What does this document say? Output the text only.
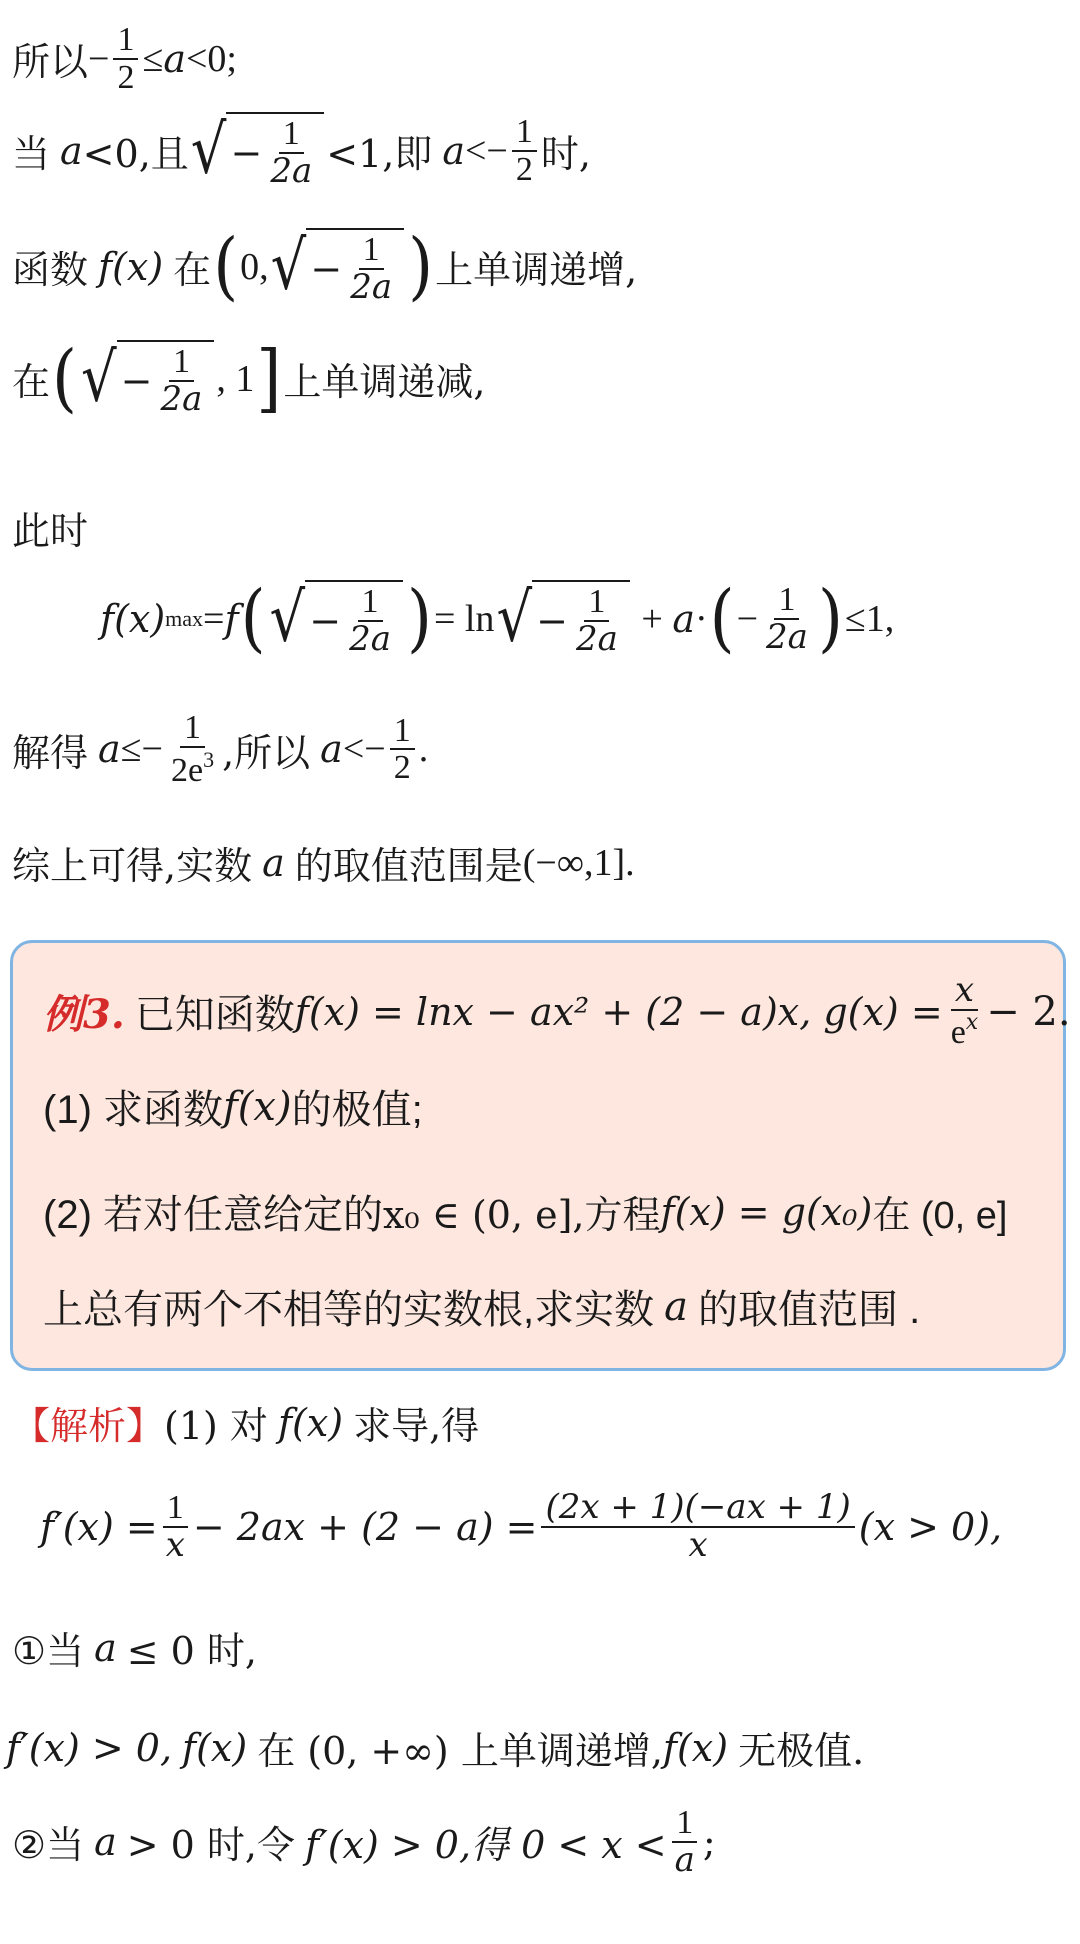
所以 − $\frac{1}{2} \le a <0$;
当 a <0,且 √ − $\frac{1}{2a} <1$,即 $a <- \frac{1}{2}$ 时,
函数 f(x) 在 ( 0 , √ − $\frac{1}{2a}$ ) 上单调递增,
在 ( √ − $\frac{1}{2a}$ , 1 ] 上单调递减,
此时
f(x) max = f ( √ − $\frac{1}{2a}$ ) = ln √ − $\frac{1}{2a} + a$ · ( − $\frac{1}{2a}$ ) ≤1,
解得 $a \le- \frac{1}{2e^3}$ ,所以 $a <- \frac{1}{2}$ .
综上可得,实数 a 的取值范围是 (−∞,1].
例3. 已知函数 f(x) = lnx − ax² + (2 − a)x, $g(x) = \frac{x}{e^x} - 2$.
(1) 求函数 f(x) 的极值;
(2) 若对任意给定的 x₀ ∈ (0, e],方程 f(x) = g(x₀) 在 (0, e]
上总有两个不相等的实数根,求实数 a 的取值范围 .
【解析】 (1) 对 f(x) 求导,得
$f'(x) = \frac{1}{x} - 2ax + (2 - a) = \frac{(2x + 1)(-ax + 1)}{x} (x > 0)$,
①当 a ≤ 0 时,
f′(x) > 0, f(x) 在 (0, +∞) 上单调递增, f(x) 无极值.
②当 a > 0 时,令 f′(x) > 0,得 $0 < x < \frac{1}{a}$ ;
